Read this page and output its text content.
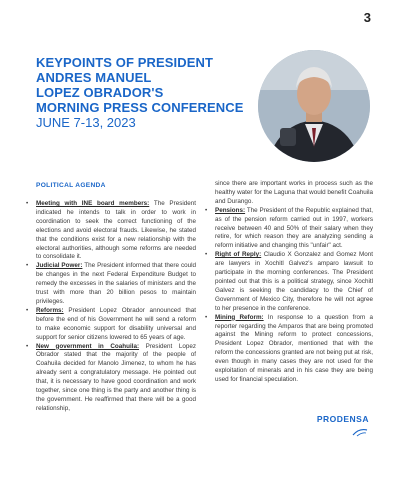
3
KEYPOINTS OF PRESIDENT
ANDRES MANUEL
LOPEZ OBRADOR'S
MORNING PRESS CONFERENCE
JUNE 7-13, 2023
POLITICAL AGENDA
• Meeting with INE board members: The President indicated he intends to talk in order to work in coordination to seek the correct functioning of the elections and avoid electoral frauds. Likewise, he stated that the conditions exist for a new relationship with the electoral authorities, although some reforms are needed to consolidate it.
• Judicial Power: The President informed that there could be changes in the next Federal Expenditure Budget to remedy the excesses in the salaries of ministers and the trust with more than 20 billion pesos to maintain privileges.
• Reforms: President Lopez Obrador announced that before the end of his Government he will send a reform to make economic support for disability universal and support for senior citizens lowered to 65 years of age.
• New government in Coahuila: President Lopez Obrador stated that the majority of the people of Coahuila decided for Manolo Jimenez, to whom he has already sent a congratulatory message. He pointed out that, it is necessary to have good coordination and work together, since one thing is the party and another thing is the government. He reaffirmed that there will be a good relationship,
since there are important works in process such as the healthy water for the Laguna that would benefit Coahuila and Durango.
• Pensions: The President of the Republic explained that, as of the pension reform carried out in 1997, workers receive between 40 and 50% of their salary when they retire, for which reason they are analyzing sending a reform initiative and changing this "unfair" act.
• Right of Reply: Claudio X Gonzalez and Gomez Mont are lawyers in Xochitl Galvez's amparo lawsuit to participate in the morning conferences. The President pointed out that this is a political strategy, since Xochitl Galvez is seeking the candidacy to the Chief of Government of Mexico City, therefore he will not agree to her presence in the conference.
• Mining Reform: In response to a question from a reporter regarding the Amparos that are being promoted against the Mining reform to protect concessions, President Lopez Obrador, mentioned that with the reform the concessions granted are not being put at risk, even though in many cases they are not used for the exploitation of minerals and in his case they are being used for financial speculation.
PRODENSA
